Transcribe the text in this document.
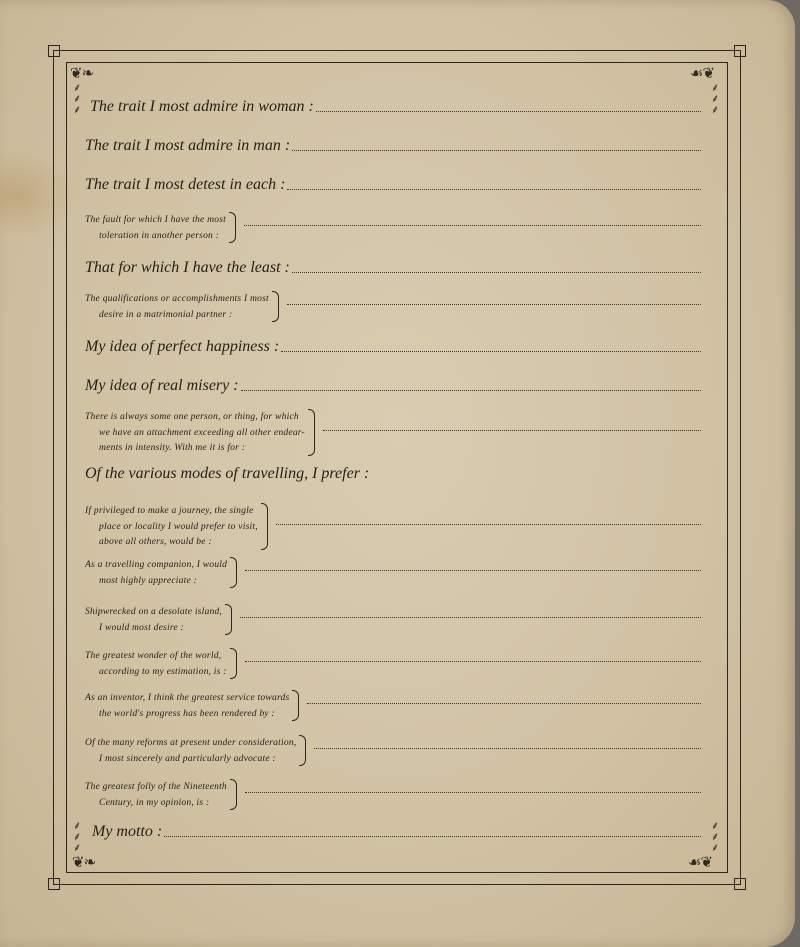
❦❧
⸙
⸙
⸙
☙❦
⸙
⸙
⸙
⸙
⸙
⸙
❦❧
⸙
⸙
⸙
☙❦
The trait I most admire in woman :
The trait I most admire in man :
The trait I most detest in each :
The fault for which I have the most
toleration in another person :
That for which I have the least :
The qualifications or accomplishments I most
desire in a matrimonial partner :
My idea of perfect happiness :
My idea of real misery :
There is always some one person, or thing, for which
we have an attachment exceeding all other endear-
ments in intensity. With me it is for :
Of the various modes of travelling, I prefer :
If privileged to make a journey, the single
place or locality I would prefer to visit,
above all others, would be :
As a travelling companion, I would
most highly appreciate :
Shipwrecked on a desolate island,
I would most desire :
The greatest wonder of the world,
according to my estimation, is :
As an inventor, I think the greatest service towards
the world's progress has been rendered by :
Of the many reforms at present under consideration,
I most sincerely and particularly advocate :
The greatest folly of the Nineteenth
Century, in my opinion, is :
My motto :
